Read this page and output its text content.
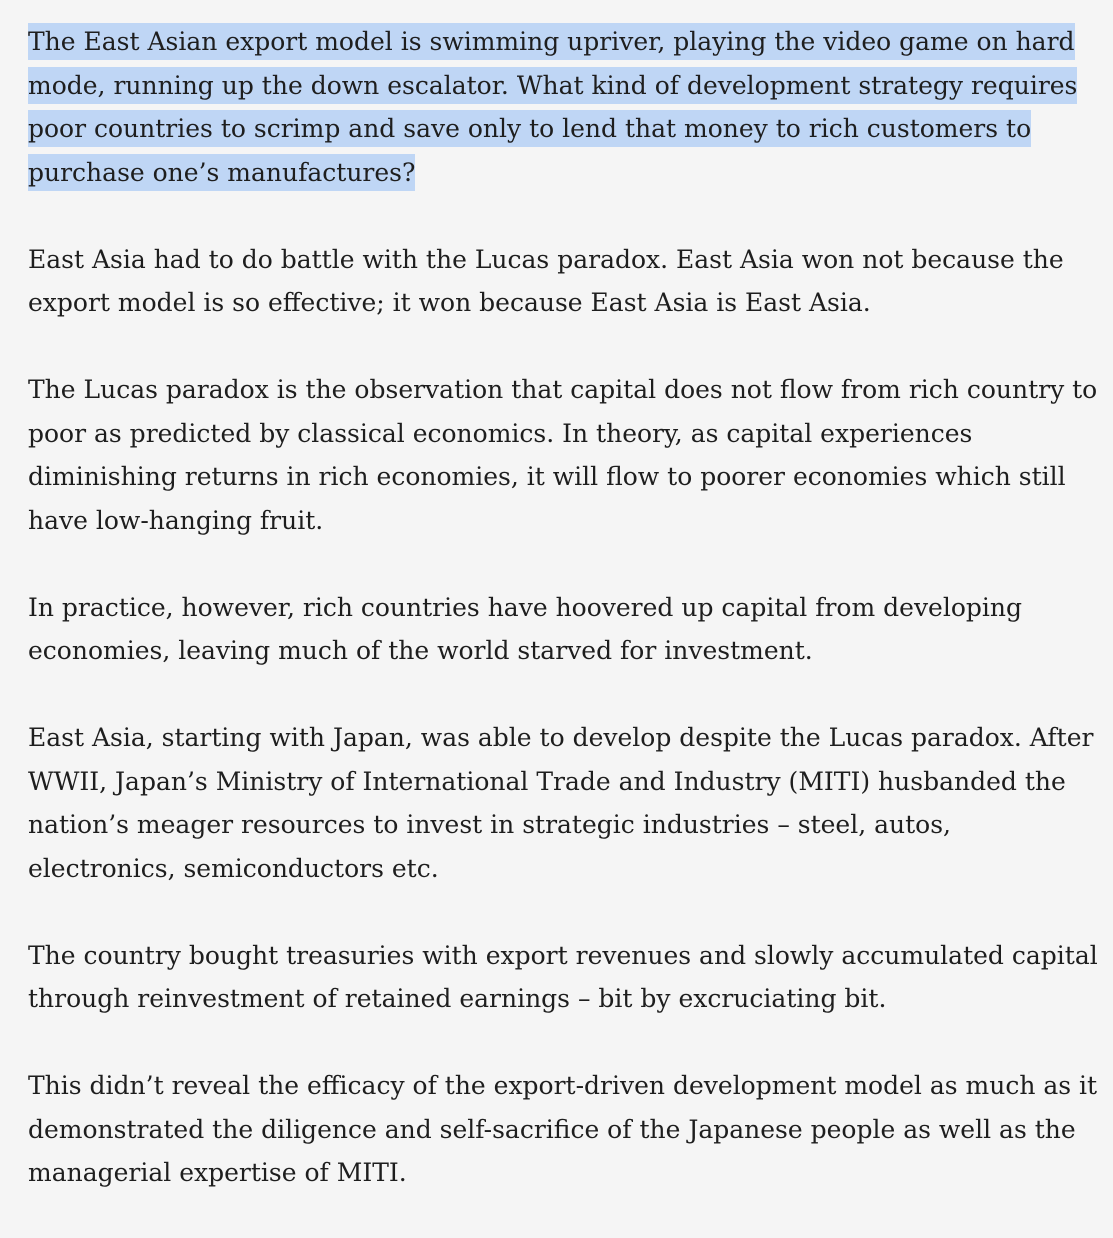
The East Asian export model is swimming upriver, playing the video game on hard mode, running up the down escalator. What kind of development strategy requires poor countries to scrimp and save only to lend that money to rich customers to purchase one’s manufactures?

East Asia had to do battle with the Lucas paradox. East Asia won not because the export model is so effective; it won because East Asia is East Asia.

The Lucas paradox is the observation that capital does not flow from rich country to poor as predicted by classical economics. In theory, as capital experiences diminishing returns in rich economies, it will flow to poorer economies which still have low-hanging fruit.

In practice, however, rich countries have hoovered up capital from developing economies, leaving much of the world starved for investment.

East Asia, starting with Japan, was able to develop despite the Lucas paradox. After WWII, Japan’s Ministry of International Trade and Industry (MITI) husbanded the nation’s meager resources to invest in strategic industries – steel, autos, electronics, semiconductors etc.

The country bought treasuries with export revenues and slowly accumulated capital through reinvestment of retained earnings – bit by excruciating bit.

This didn’t reveal the efficacy of the export-driven development model as much as it demonstrated the diligence and self-sacrifice of the Japanese people as well as the managerial expertise of MITI.
